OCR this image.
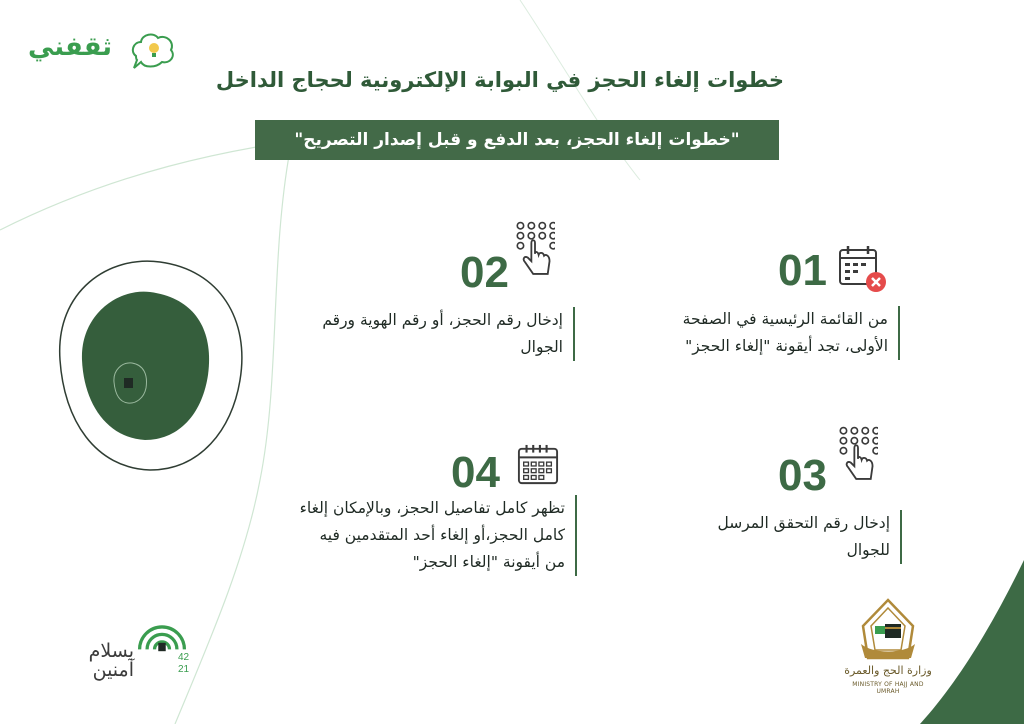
ثقفني
خطوات إلغاء الحجز في البوابة الإلكترونية لحجاج الداخل
"خطوات إلغاء الحجز، بعد الدفع و قبل إصدار التصريح"
01
من القائمة الرئيسية في الصفحة
الأولى، تجد أيقونة "إلغاء الحجز"
02
إدخال رقم الحجز، أو رقم الهوية ورقم
الجوال
03
إدخال رقم التحقق المرسل
للجوال
04
تظهر كامل تفاصيل الحجز، وبالإمكان إلغاء
كامل الحجز،أو إلغاء أحد المتقدمين فيه
من أيقونة "إلغاء الحجز"
بسلام
آمنين
42
21	وزارة الحج والعمرة
MINISTRY OF HAJJ AND UMRAH
